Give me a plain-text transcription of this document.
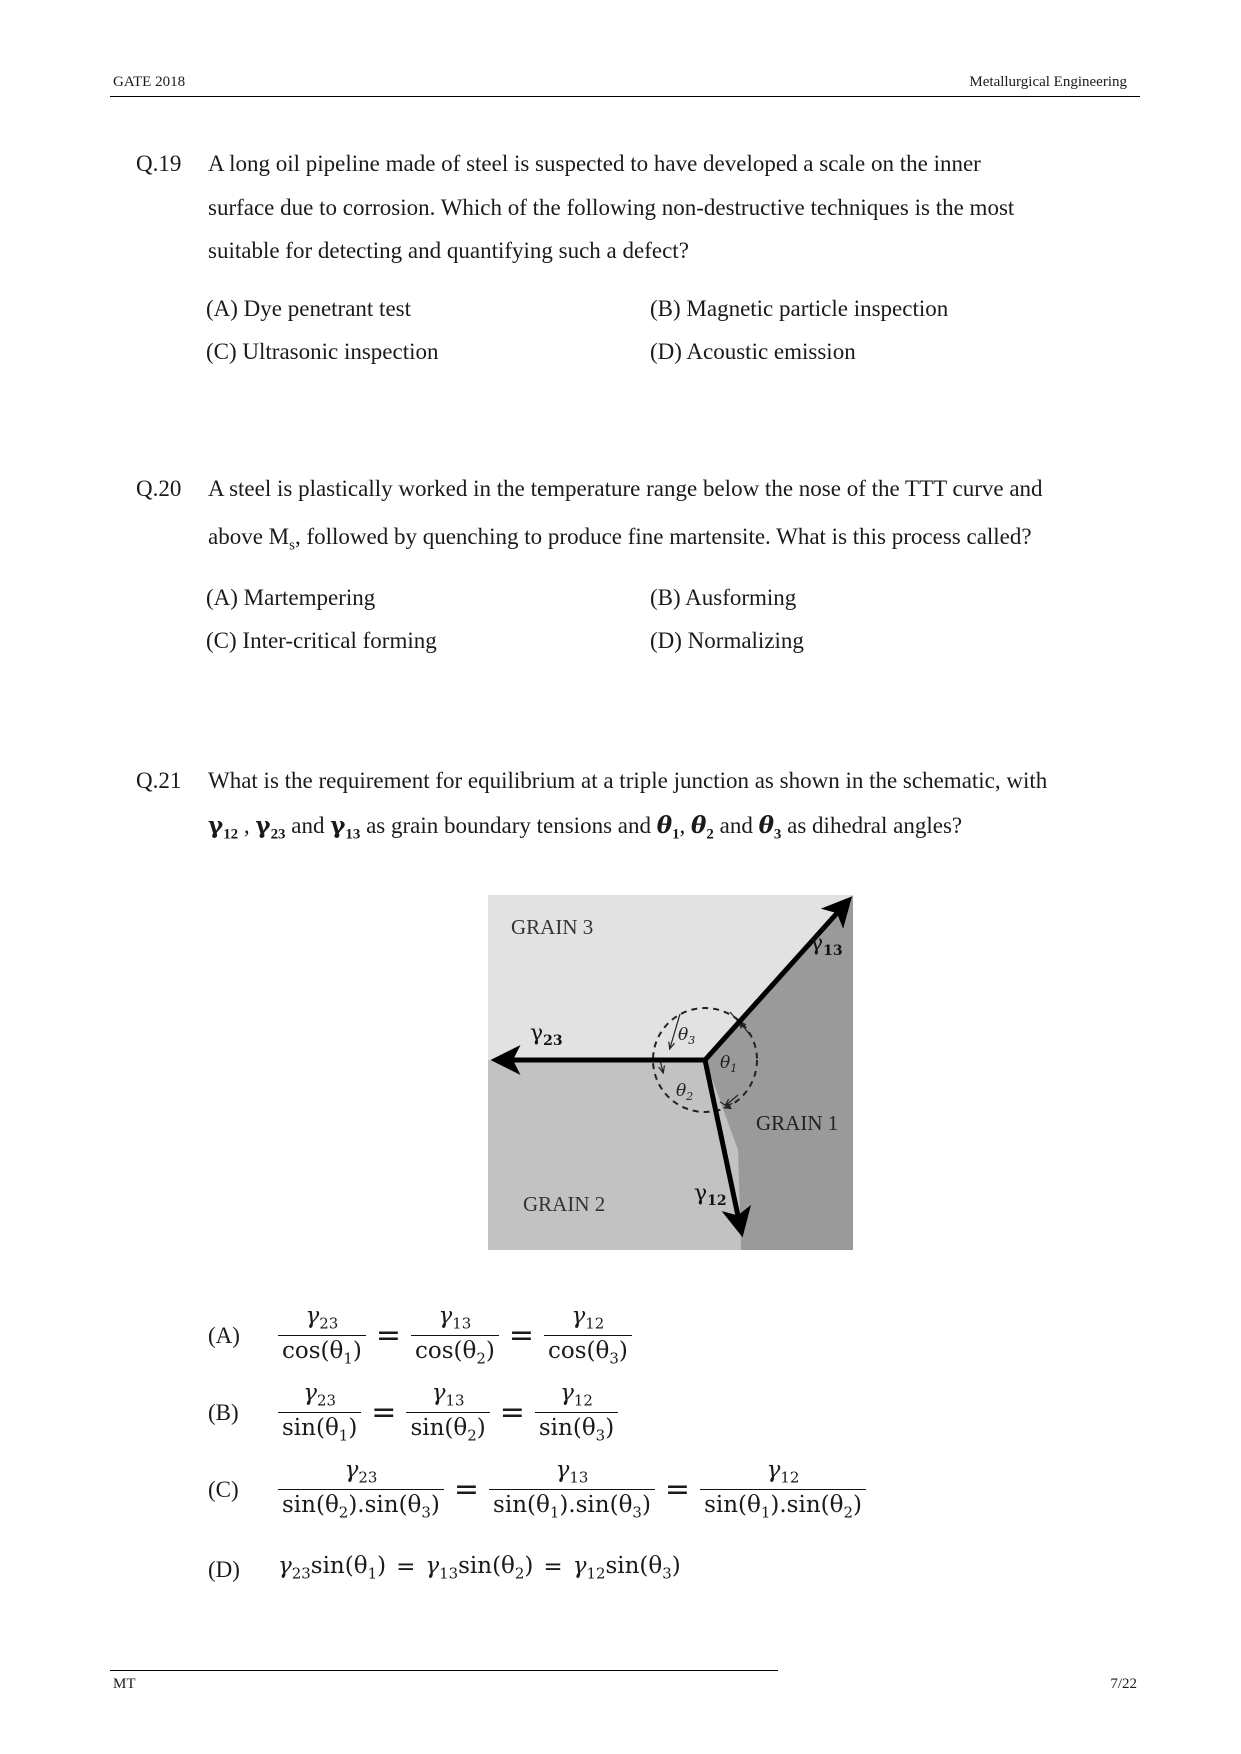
GATE 2018	Metallurgical Engineering
Q.19 A long oil pipeline made of steel is suspected to have developed a scale on the inner
surface due to corrosion. Which of the following non-destructive techniques is the most
suitable for detecting and quantifying such a defect?
(A) Dye penetrant test	(B) Magnetic particle inspection
(C) Ultrasonic inspection	(D) Acoustic emission
Q.20 A steel is plastically worked in the temperature range below the nose of the TTT curve and
above $M_s$, followed by quenching to produce fine martensite. What is this process called?
(A) Martempering	(B) Ausforming
(C) Inter-critical forming	(D) Normalizing
Q.21 What is the requirement for equilibrium at a triple junction as shown in the schematic, with
$\gamma_{12}$ , $\gamma_{23}$ and $\gamma_{13}$ as grain boundary tensions and $\theta_1$, $\theta_2$ and $\theta_3$ as dihedral angles?
GRAIN 3
GRAIN 2
GRAIN 1
$\gamma_{23}$
$\gamma_{13}$
$\gamma_{12}$
$\theta_3$
$\theta_1$
$\theta_2$
$(A) \frac{\gamma_{23}}{\cos(\theta_1)} = \frac{\gamma_{13}}{\cos(\theta_2)} = \frac{\gamma_{12}}{\cos(\theta_3)}$
$(B) \frac{\gamma_{23}}{\sin(\theta_1)} = \frac{\gamma_{13}}{\sin(\theta_2)} = \frac{\gamma_{12}}{\sin(\theta_3)}$
$(C) \frac{\gamma_{23}}{\sin(\theta_2).\sin(\theta_3)} = \frac{\gamma_{13}}{\sin(\theta_1).\sin(\theta_3)} = \frac{\gamma_{12}}{\sin(\theta_1).\sin(\theta_2)}$
(D) $\gamma_{23}\sin(\theta_1) = \gamma_{13}\sin(\theta_2) = \gamma_{12}\sin(\theta_3)$
MT	7/22
